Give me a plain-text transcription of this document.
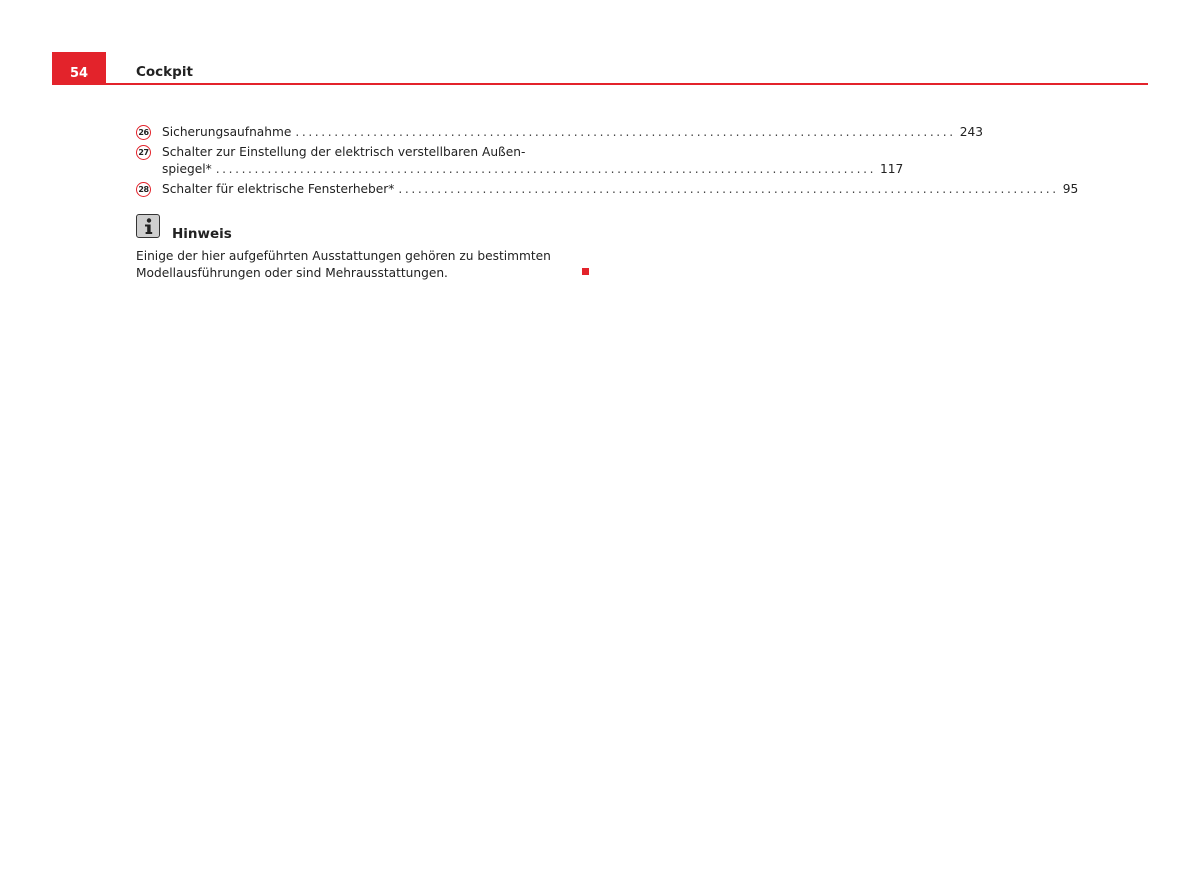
54	Cockpit
26 Sicherungsaufnahme ...................................................................................................... 243
27 Schalter zur Einstellung der elektrisch verstellbaren Außen-
spiegel* ...................................................................................................... 117
28 Schalter für elektrische Fensterheber* ...................................................................................................... 95
Hinweis
Einige der hier aufgeführten Ausstattungen gehören zu bestimmten Modellausführungen oder sind Mehrausstattungen.
